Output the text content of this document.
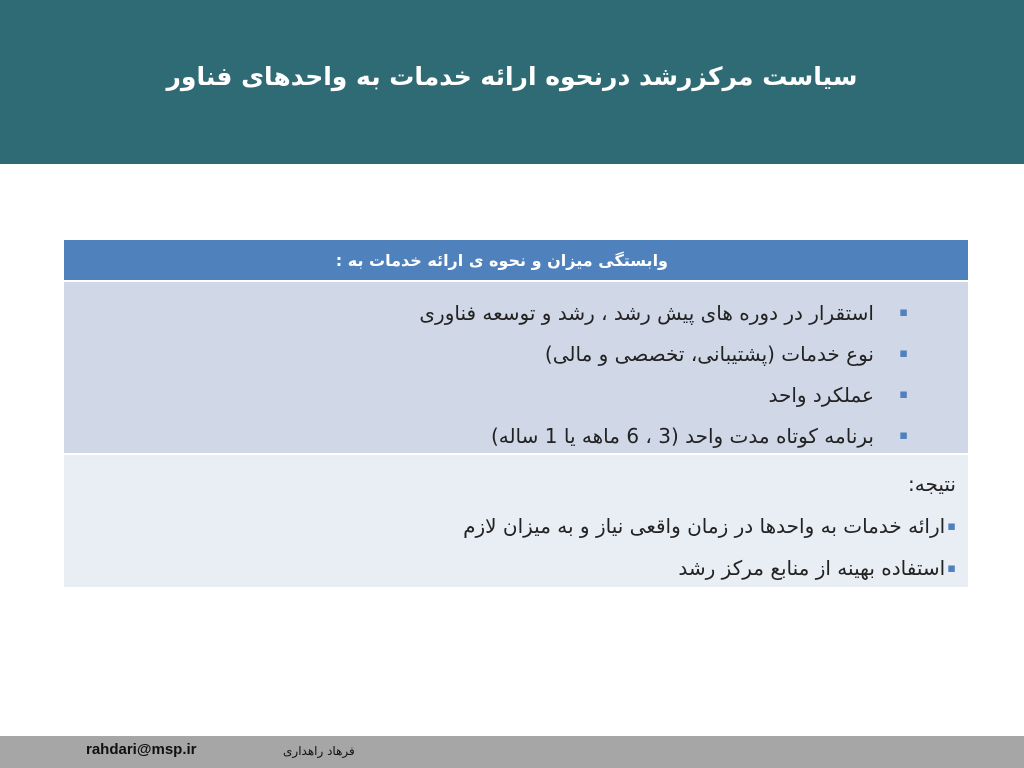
سیاست مرکزرشد درنحوه ارائه خدمات به واحدهای فناور
وابستگی میزان و نحوه ی ارائه خدمات به :
▪
استقرار در دوره های پیش رشد ، رشد و توسعه فناوری
▪
نوع خدمات (پشتیبانی، تخصصی و مالی)
▪
عملکرد واحد
▪
برنامه کوتاه مدت واحد (3 ، 6 ماهه یا 1 ساله)
نتیجه:
▪
ارائه خدمات به واحدها در زمان واقعی نیاز و به میزان لازم
▪
استفاده بهینه از منابع مرکز رشد
rahdari@msp.ir	فرهاد راهداری
